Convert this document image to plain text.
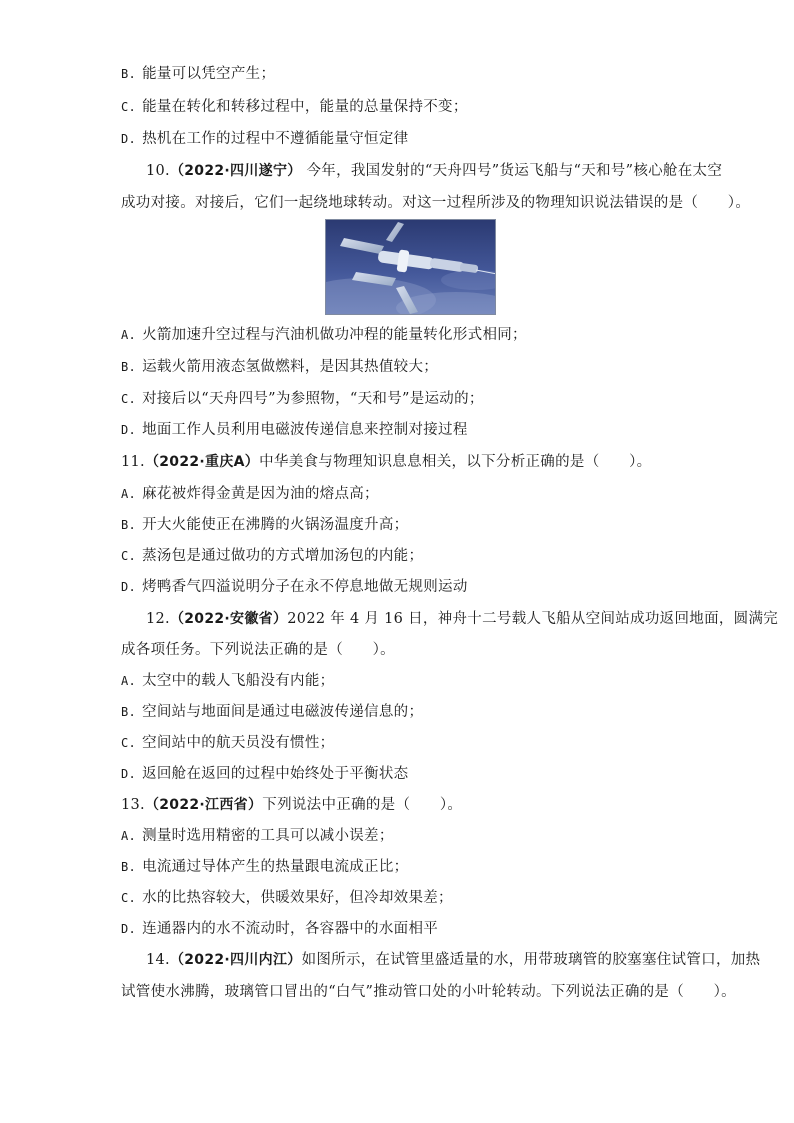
B. 能量可以凭空产生；
C. 能量在转化和转移过程中，能量的总量保持不变；
D. 热机在工作的过程中不遵循能量守恒定律
10.（2022·四川遂宁） 今年，我国发射的“天舟四号”货运飞船与“天和号”核心舱在太空
成功对接。对接后，它们一起绕地球转动。对这一过程所涉及的物理知识说法错误的是（　　）。
A. 火箭加速升空过程与汽油机做功冲程的能量转化形式相同；
B. 运载火箭用液态氢做燃料，是因其热值较大；
C. 对接后以“天舟四号”为参照物，“天和号”是运动的；
D. 地面工作人员利用电磁波传递信息来控制对接过程
11.（2022·重庆A）中华美食与物理知识息息相关，以下分析正确的是（　　）。
A. 麻花被炸得金黄是因为油的熔点高；
B. 开大火能使正在沸腾的火锅汤温度升高；
C. 蒸汤包是通过做功的方式增加汤包的内能；
D. 烤鸭香气四溢说明分子在永不停息地做无规则运动
12.（2022·安徽省）2022 年 4 月 16 日，神舟十二号载人飞船从空间站成功返回地面，圆满完
成各项任务。下列说法正确的是（　　）。
A. 太空中的载人飞船没有内能；
B. 空间站与地面间是通过电磁波传递信息的；
C. 空间站中的航天员没有惯性；
D. 返回舱在返回的过程中始终处于平衡状态
13.（2022·江西省）下列说法中正确的是（　　）。
A. 测量时选用精密的工具可以减小误差；
B. 电流通过导体产生的热量跟电流成正比；
C. 水的比热容较大，供暖效果好，但冷却效果差；
D. 连通器内的水不流动时，各容器中的水面相平
14.（2022·四川内江）如图所示，在试管里盛适量的水，用带玻璃管的胶塞塞住试管口，加热
试管使水沸腾，玻璃管口冒出的“白气”推动管口处的小叶轮转动。下列说法正确的是（　　）。
